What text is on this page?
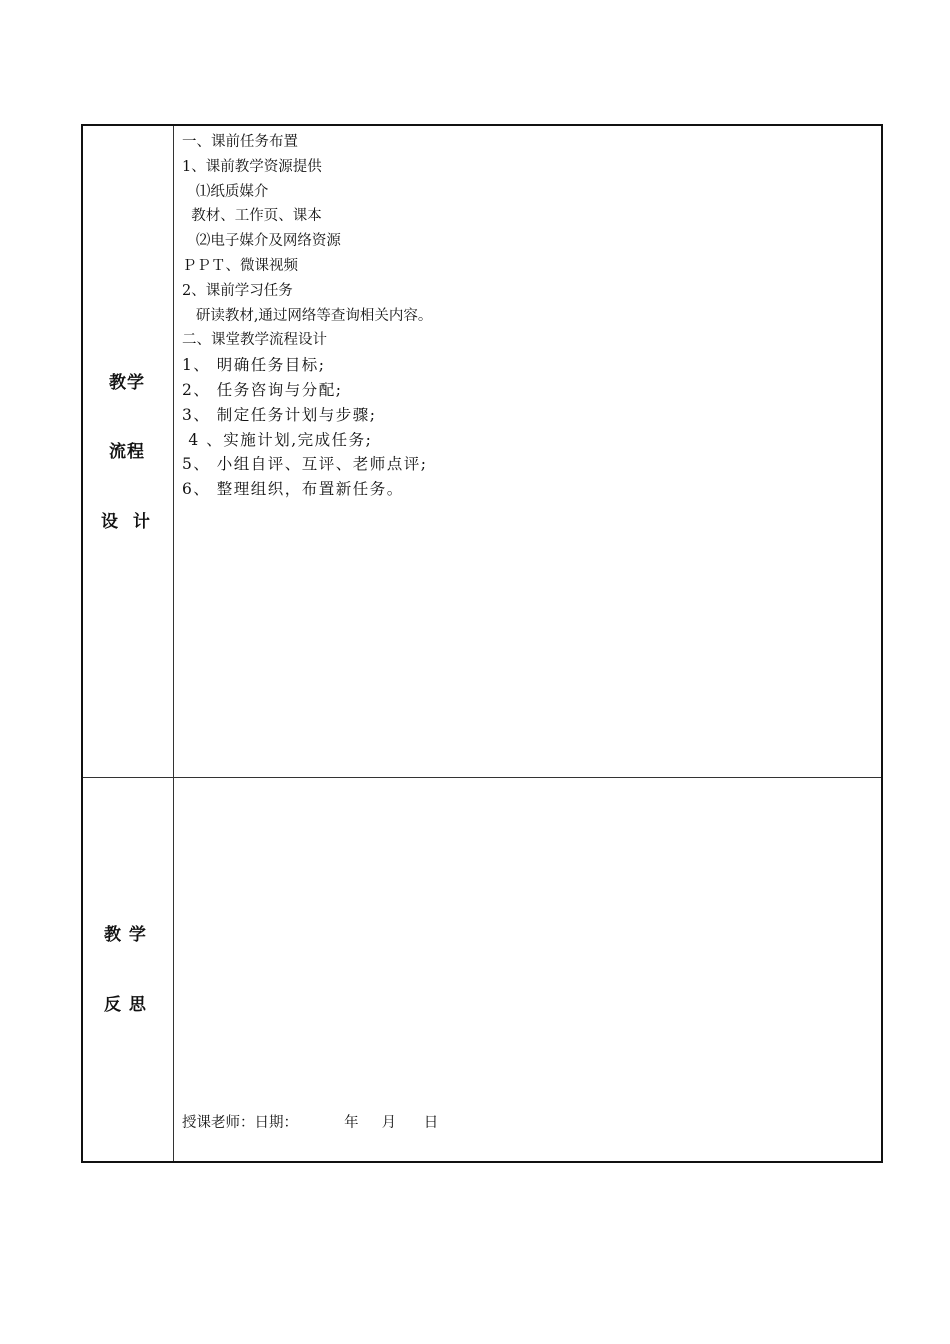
教学
流程
设  计
一、课前任务布置
1、课前教学资源提供
⑴纸质媒介
教材、工作页、课本
⑵电子媒介及网络资源
ＰＰＴ、微课视频
2、课前学习任务
研读教材,通过网络等查询相关内容。
二、课堂教学流程设计
1、 明确任务目标;
2、 任务咨询与分配;
3、 制定任务计划与步骤;
4 、实施计划,完成任务;
5、 小组自评、互评、老师点评;
6、 整理组织，布置新任务。
教 学
反 思
授课老师：日期：          年     月      日
